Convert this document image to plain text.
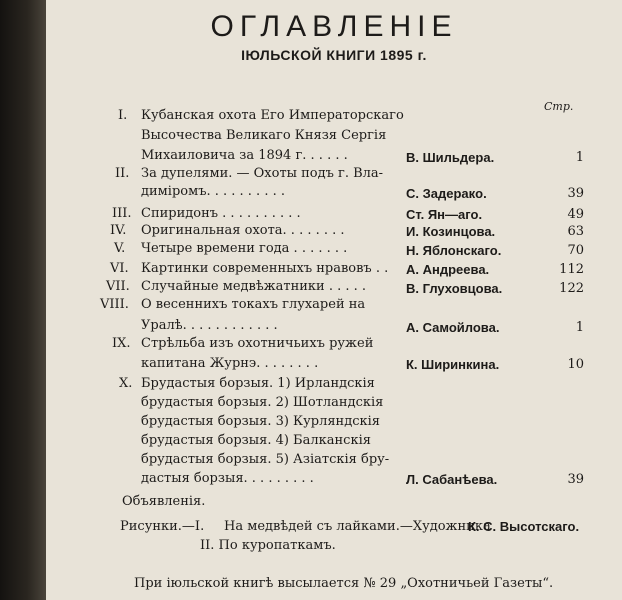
ОГЛАВЛЕНІЕ
ІЮЛЬСКОЙ КНИГИ 1895 г.
Стр.
I. Кубанская охота Его Императорскаго
Высочества Великаго Князя Сергія
Михаиловича за 1894 г. . . . . .	В. Шильдера.	1
II. За дупелями. — Охоты подъ г. Вла-
диміромъ. . . . . . . . . .	С. Задеракo.	39
III. Спиридонъ . . . . . . . . . .	Ст. Ян—аго.	49
IV. Оригинальная охота. . . . . . . .	И. Козинцова.	63
V. Четыре времени года . . . . . . .	Н. Яблонскаго.	70
VI. Картинки современныхъ нравовъ . . А. Андреева.	112
VII. Случайные медвѣжатники . . . . .	В. Глуховцова.	122
VIII. О весеннихъ токахъ глухарей на
Уралѣ. . . . . . . . . . . .	А. Самойлова.	1
IX. Стрѣльба изъ охотничьихъ ружей
капитана Журнэ. . . . . . . .	К. Ширинкина.	10
X. Брудастыя борзыя. 1) Ирландскія
брудастыя борзыя. 2) Шотландскія
брудастыя борзыя. 3) Курляндскія
брудастыя борзыя. 4) Балканскія
брудастыя борзыя. 5) Азіатскія бру-
дастыя борзыя. . . . . . . . .	Л. Сабанѣева.	39
Объявленія.
Рисунки.—I. На медвѣдей съ лайками.—Художника
К. С. Высотскаго.
II. По куропаткамъ.
При іюльской книгѣ высылается № 29 „Охотничьей Газеты“.
